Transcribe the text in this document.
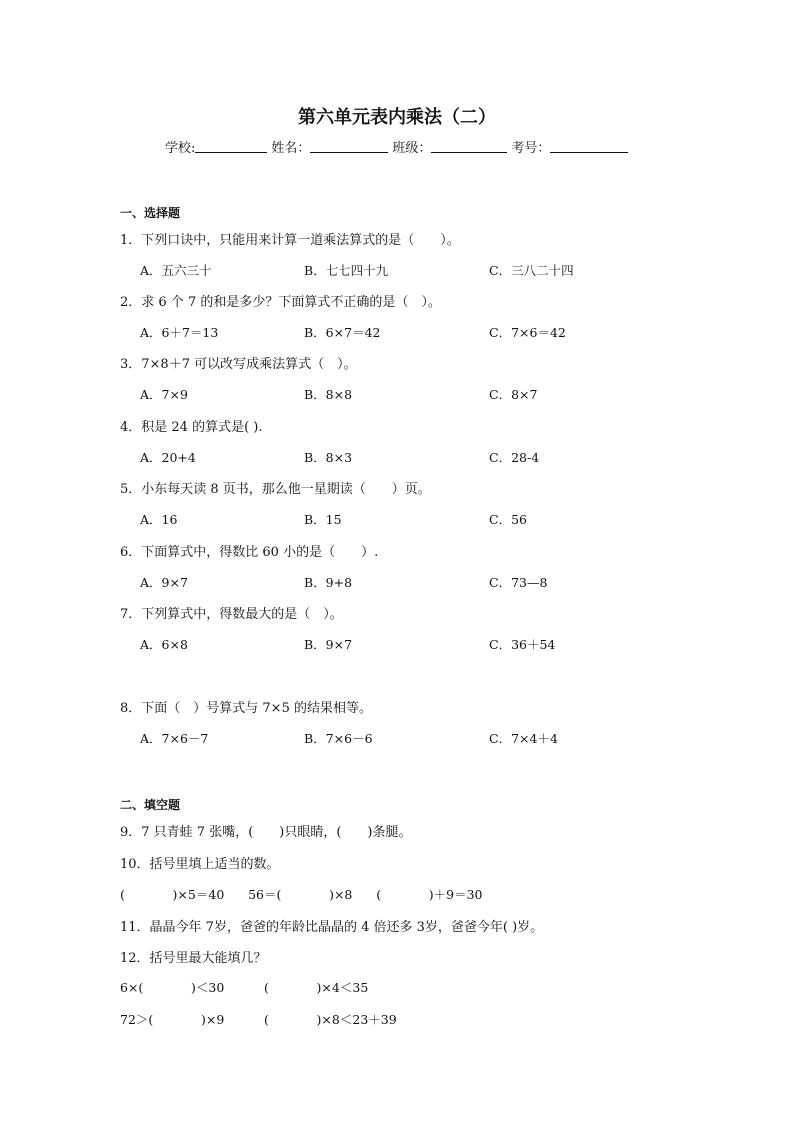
第六单元表内乘法（二）
学校:	姓名：	班级：	考号：
一、选择题
1．下列口诀中，只能用来计算一道乘法算式的是（　　）。
A．五六三十	B．七七四十九	C．三八二十四
2．求 6 个 7 的和是多少？下面算式不正确的是（　）。
A．6＋7＝13	B．6×7＝42	C．7×6＝42
3．7×8＋7 可以改写成乘法算式（　）。
A．7×9	B．8×8	C．8×7
4．积是 24 的算式是( ).
A．20+4	B．8×3	C．28-4
5．小东每天读 8 页书，那么他一星期读（　　）页。
A．16	B．15	C．56
6．下面算式中，得数比 60 小的是（　　）.
A．9×7	B．9+8	C．73—8
7．下列算式中，得数最大的是（　）。
A．6×8	B．9×7	C．36＋54
8．下面（　）号算式与 7×5 的结果相等。
A．7×6－7	B．7×6－6	C．7×4＋4
二、填空题
9．7 只青蛙 7 张嘴，(　　)只眼睛，(　　)条腿。
10．括号里填上适当的数。
(            )×5＝40      56＝(            )×8      (            )＋9＝30
11．晶晶今年 7岁，爸爸的年龄比晶晶的 4 倍还多 3岁，爸爸今年( )岁。
12．括号里最大能填几？
6×(            )＜30          (            )×4＜35
72＞(            )×9          (            )×8＜23＋39
